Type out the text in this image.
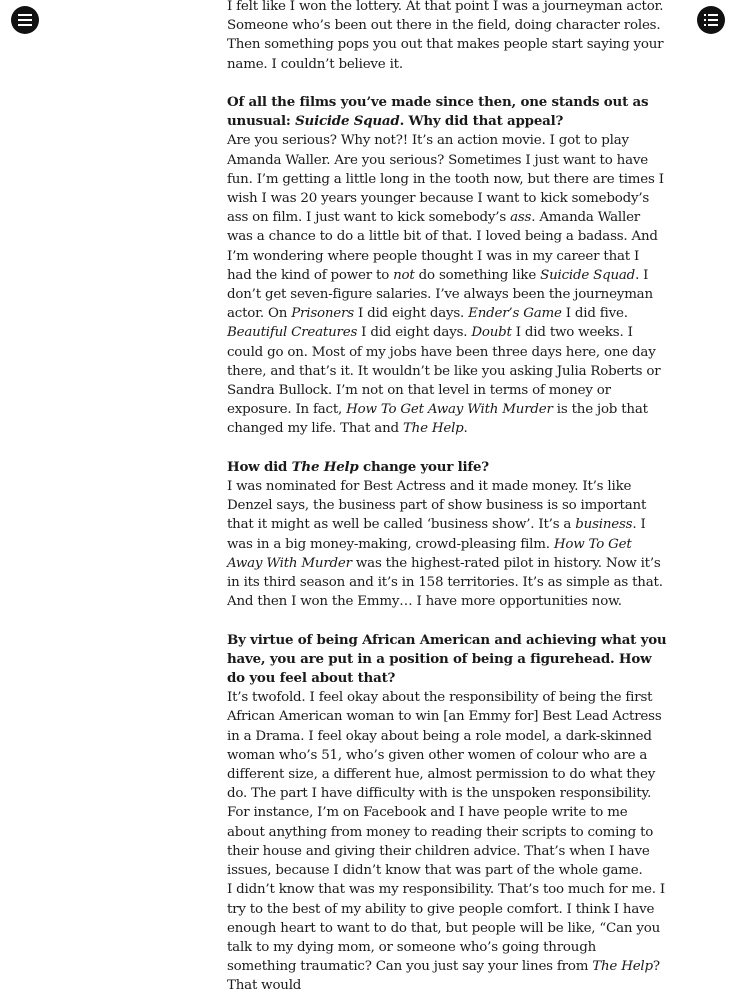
I felt like I won the lottery. At that point I was a journeyman actor. Someone who’s been out there in the field, doing character roles. Then something pops you out that makes people start saying your name. I couldn’t believe it.

Of all the films you’ve made since then, one stands out as unusual: Suicide Squad. Why did that appeal?

Are you serious? Why not?! It’s an action movie. I got to play Amanda Waller. Are you serious? Sometimes I just want to have fun. I’m getting a little long in the tooth now, but there are times I wish I was 20 years younger because I want to kick somebody’s ass on film. I just want to kick somebody’s ass. Amanda Waller was a chance to do a little bit of that. I loved being a badass. And I’m wondering where people thought I was in my career that I had the kind of power to not do something like Suicide Squad. I don’t get seven-figure salaries. I’ve always been the journeyman actor. On Prisoners I did eight days. Ender’s Game I did five. Beautiful Creatures I did eight days. Doubt I did two weeks. I could go on. Most of my jobs have been three days here, one day there, and that’s it. It wouldn’t be like you asking Julia Roberts or Sandra Bullock. I’m not on that level in terms of money or exposure. In fact, How To Get Away With Murder is the job that changed my life. That and The Help.

How did The Help change your life?

I was nominated for Best Actress and it made money. It’s like Denzel says, the business part of show business is so important that it might as well be called ‘business show’. It’s a business. I was in a big money-making, crowd-pleasing film. How To Get Away With Murder was the highest-rated pilot in history. Now it’s in its third season and it’s in 158 territories. It’s as simple as that. And then I won the Emmy… I have more opportunities now.

By virtue of being African American and achieving what you have, you are put in a position of being a figurehead. How do you feel about that?

It’s twofold. I feel okay about the responsibility of being the first African American woman to win [an Emmy for] Best Lead Actress in a Drama. I feel okay about being a role model, a dark-skinned woman who’s 51, who’s given other women of colour who are a different size, a different hue, almost permission to do what they do. The part I have difficulty with is the unspoken responsibility. For instance, I’m on Facebook and I have people write to me about anything from money to reading their scripts to coming to their house and giving their children advice. That’s when I have issues, because I didn’t know that was part of the whole game.

I didn’t know that was my responsibility. That’s too much for me. I try to the best of my ability to give people comfort. I think I have enough heart to want to do that, but people will be like, “Can you talk to my dying mom, or someone who’s going through something traumatic? Can you just say your lines from The Help? That would
